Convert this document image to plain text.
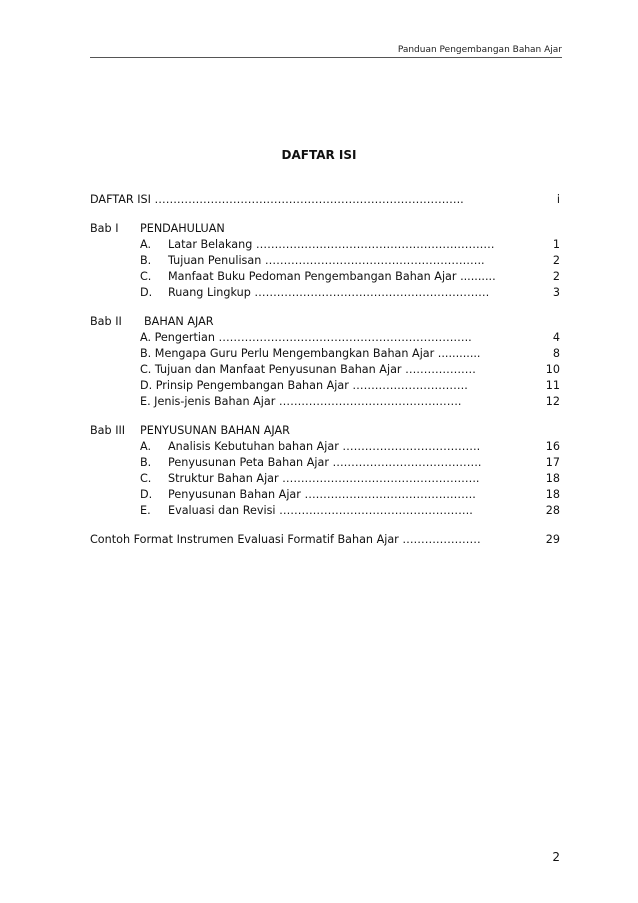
Panduan Pengembangan Bahan Ajar
DAFTAR ISI
DAFTAR ISI ………………………………………………………………………..	i
Bab I PENDAHULUAN
A. Latar Belakang ……………………………………………………….	1
B. Tujuan Penulisan …………………………………………………..	2
C. Manfaat Buku Pedoman Pengembangan Bahan Ajar ..........	2
D. Ruang Lingkup ………………………………………………………	3
Bab II BAHAN AJAR
A. Pengertian …………………………………………………………..	4
B. Mengapa Guru Perlu Mengembangkan Bahan Ajar ............	8
C. Tujuan dan Manfaat Penyusunan Bahan Ajar ……………….	10
D. Prinsip Pengembangan Bahan Ajar ………………………….	11
E. Jenis-jenis Bahan Ajar ………………………………………….	12
Bab III PENYUSUNAN BAHAN AJAR
A. Analisis Kebutuhan bahan Ajar ……………………………….	16
B. Penyusunan Peta Bahan Ajar ………………………………….	17
C. Struktur Bahan Ajar ……………………………………………..	18
D. Penyusunan Bahan Ajar ……………………………………….	18
E. Evaluasi dan Revisi …………………………………………….	28
Contoh Format Instrumen Evaluasi Formatif Bahan Ajar …………………	29
2
